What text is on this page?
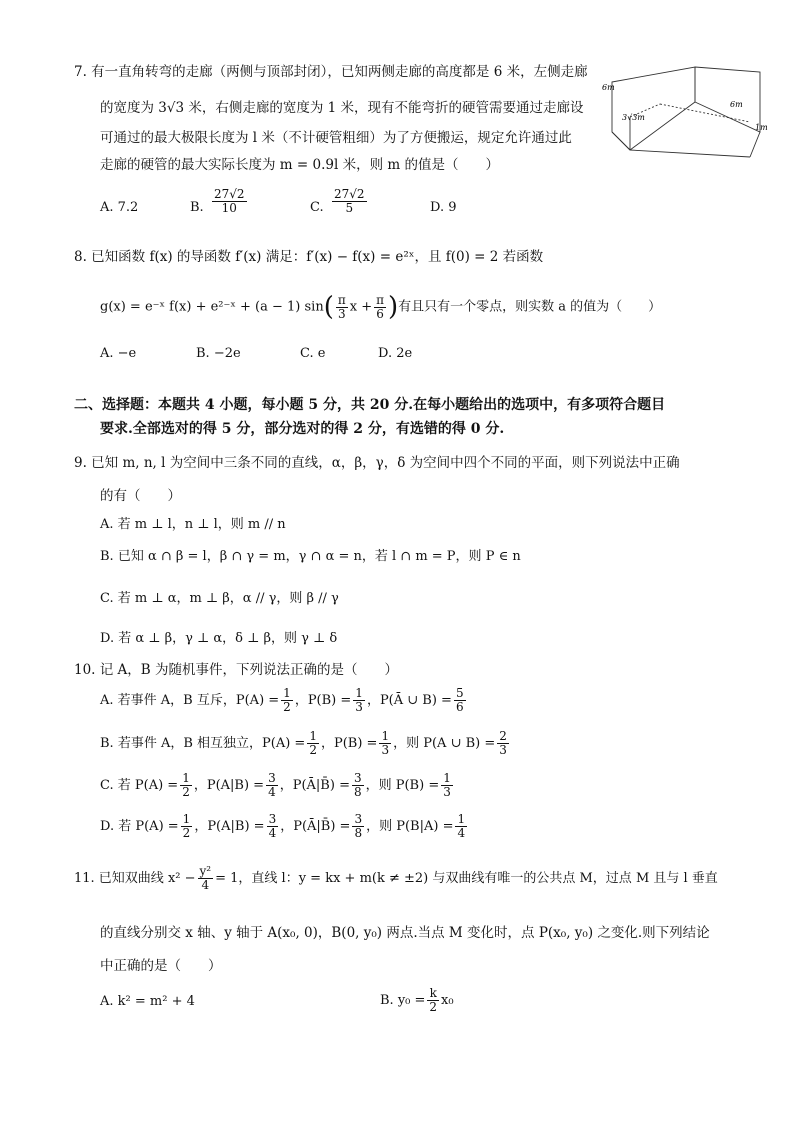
7. 有一直角转弯的走廊（两侧与顶部封闭），已知两侧走廊的高度都是 6 米，左侧走廊
的宽度为 3√3 米，右侧走廊的宽度为 1 米，现有不能弯折的硬管需要通过走廊设
可通过的最大极限长度为 l 米（不计硬管粗细）为了方便搬运，规定允许通过此
走廊的硬管的最大实际长度为 m = 0.9l 米，则 m 的值是（　　）
A. 7.2	B. $\frac{27√2}{10}$	C. $\frac{27√2}{5}$	D. 9
6m
3√3m
6m
1m
8. 已知函数 f(x) 的导函数 f′(x) 满足：f′(x) − f(x) = e²ˣ，且 f(0) = 2 若函数
g(x) = e⁻ˣ f(x) + e²⁻ˣ + (a − 1) $\sin( \frac{\pi}{3}$ $x + \frac{\pi}{6}$ )有且只有一个零点，则实数 a 的值为（　　）
A. −e	B. −2e	C. e	D. 2e
二、选择题：本题共 4 小题，每小题 5 分，共 20 分.在每小题给出的选项中，有多项符合题目
要求.全部选对的得 5 分，部分选对的得 2 分，有选错的得 0 分.
9. 已知 m, n, l 为空间中三条不同的直线，α，β，γ，δ 为空间中四个不同的平面，则下列说法中正确
的有（　　）
A. 若 m ⊥ l，n ⊥ l，则 m // n
B. 已知 α ∩ β = l，β ∩ γ = m，γ ∩ α = n，若 l ∩ m = P，则 P ∈ n
C. 若 m ⊥ α，m ⊥ β，α // γ，则 β // γ
D. 若 α ⊥ β，γ ⊥ α，δ ⊥ β，则 γ ⊥ δ
10. 记 A，B 为随机事件，下列说法正确的是（　　）
A. 若事件 A，B 互斥，$P(A) = \frac{1}{2}$ ，$P(B) = \frac{1}{3}$ ，P(Ā ∪ $B) = \frac{5}{6}$
B. 若事件 A，B 相互独立，$P(A) = \frac{1}{2}$ ，$P(B) = \frac{1}{3}$ ，则 P(A ∪ $B) = \frac{2}{3}$
C. 若 $P(A) = \frac{1}{2}$ ，$P(A|B) = \frac{3}{4}$ ，P(Ā|B̄) = $\frac{3}{8}$ ，则 $P(B) = \frac{1}{3}$
D. 若 $P(A) = \frac{1}{2}$ ，$P(A|B) = \frac{3}{4}$ ，P(Ā|B̄) = $\frac{3}{8}$ ，则 $P(B|A) = \frac{1}{4}$
11. 已知双曲线 $x^2 - \frac{\text{y²}}{4} = 1$，直线 l：y = kx + m(k ≠ ±2) 与双曲线有唯一的公共点 M，过点 M 且与 l 垂直
的直线分别交 x 轴、y 轴于 A(x₀, 0)，B(0, y₀) 两点.当点 M 变化时，点 P(x₀, y₀) 之变化.则下列结论
中正确的是（　　）
A. k² = m² + 4	B. $y_0 = \frac{k}{2} x_0$
